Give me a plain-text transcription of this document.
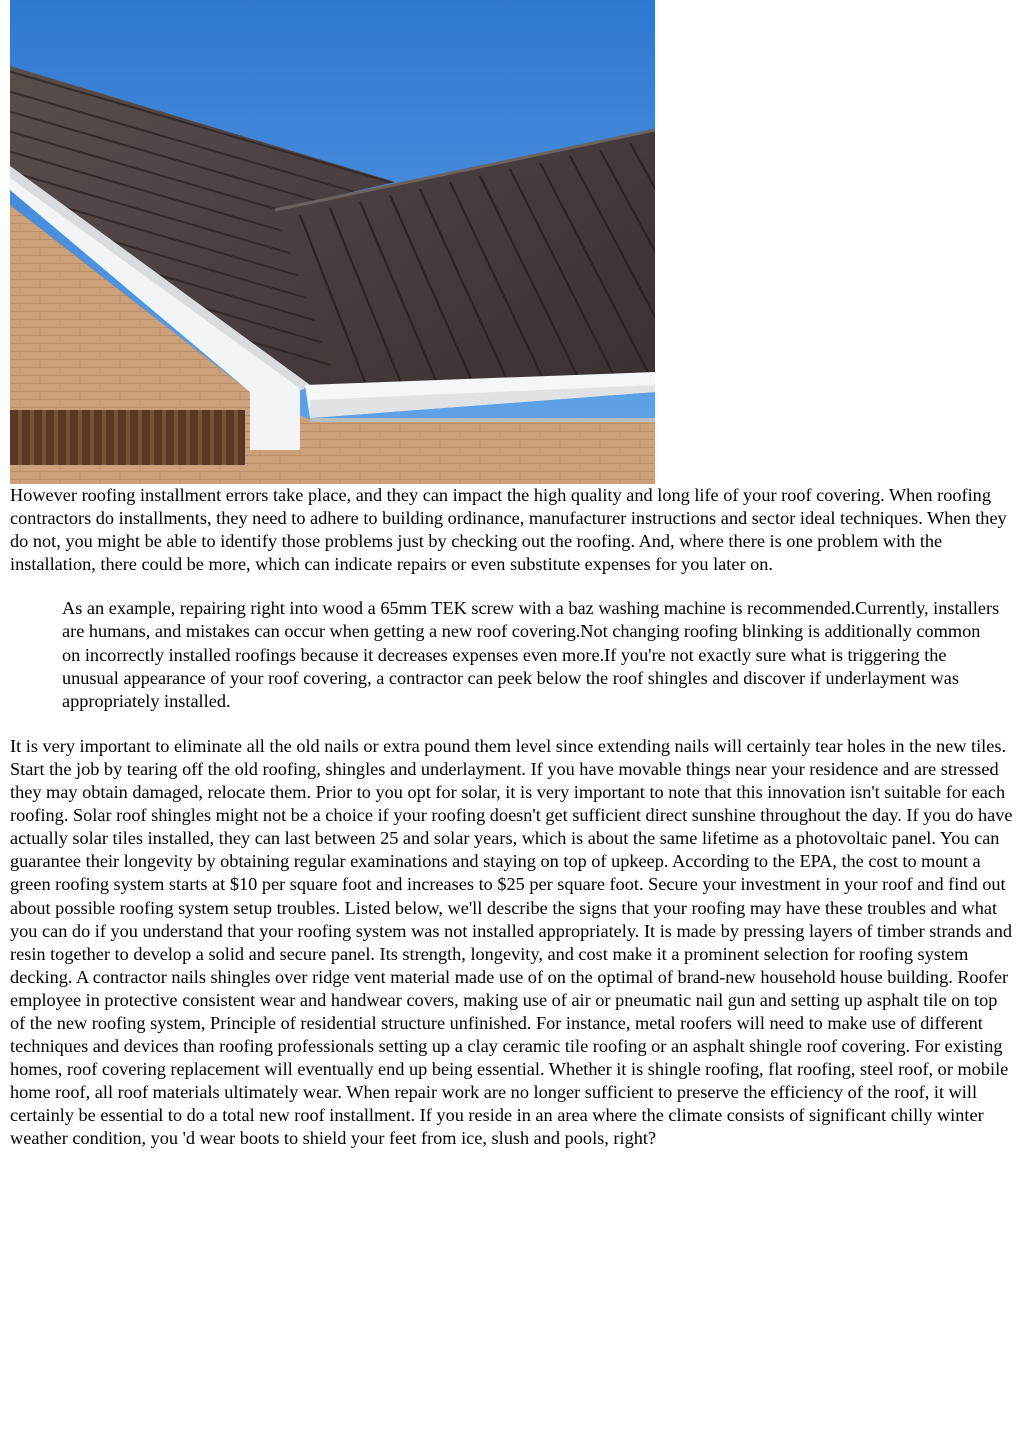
However roofing installment errors take place, and they can impact the high quality and long life of your roof covering. When roofing contractors do installments, they need to adhere to building ordinance, manufacturer instructions and sector ideal techniques. When they do not, you might be able to identify those problems just by checking out the roofing. And, where there is one problem with the installation, there could be more, which can indicate repairs or even substitute expenses for you later on.

As an example, repairing right into wood a 65mm TEK screw with a baz washing machine is recommended.Currently, installers are humans, and mistakes can occur when getting a new roof covering.Not changing roofing blinking is additionally common on incorrectly installed roofings because it decreases expenses even more.If you're not exactly sure what is triggering the unusual appearance of your roof covering, a contractor can peek below the roof shingles and discover if underlayment was appropriately installed.

It is very important to eliminate all the old nails or extra pound them level since extending nails will certainly tear holes in the new tiles. Start the job by tearing off the old roofing, shingles and underlayment. If you have movable things near your residence and are stressed they may obtain damaged, relocate them. Prior to you opt for solar, it is very important to note that this innovation isn't suitable for each roofing. Solar roof shingles might not be a choice if your roofing doesn't get sufficient direct sunshine throughout the day. If you do have actually solar tiles installed, they can last between 25 and solar years, which is about the same lifetime as a photovoltaic panel. You can guarantee their longevity by obtaining regular examinations and staying on top of upkeep. According to the EPA, the cost to mount a green roofing system starts at $10 per square foot and increases to $25 per square foot. Secure your investment in your roof and find out about possible roofing system setup troubles. Listed below, we'll describe the signs that your roofing may have these troubles and what you can do if you understand that your roofing system was not installed appropriately. It is made by pressing layers of timber strands and resin together to develop a solid and secure panel. Its strength, longevity, and cost make it a prominent selection for roofing system decking. A contractor nails shingles over ridge vent material made use of on the optimal of brand-new household house building. Roofer employee in protective consistent wear and handwear covers, making use of air or pneumatic nail gun and setting up asphalt tile on top of the new roofing system, Principle of residential structure unfinished. For instance, metal roofers will need to make use of different techniques and devices than roofing professionals setting up a clay ceramic tile roofing or an asphalt shingle roof covering. For existing homes, roof covering replacement will eventually end up being essential. Whether it is shingle roofing, flat roofing, steel roof, or mobile home roof, all roof materials ultimately wear. When repair work are no longer sufficient to preserve the efficiency of the roof, it will certainly be essential to do a total new roof installment. If you reside in an area where the climate consists of significant chilly winter weather condition, you 'd wear boots to shield your feet from ice, slush and pools, right?
